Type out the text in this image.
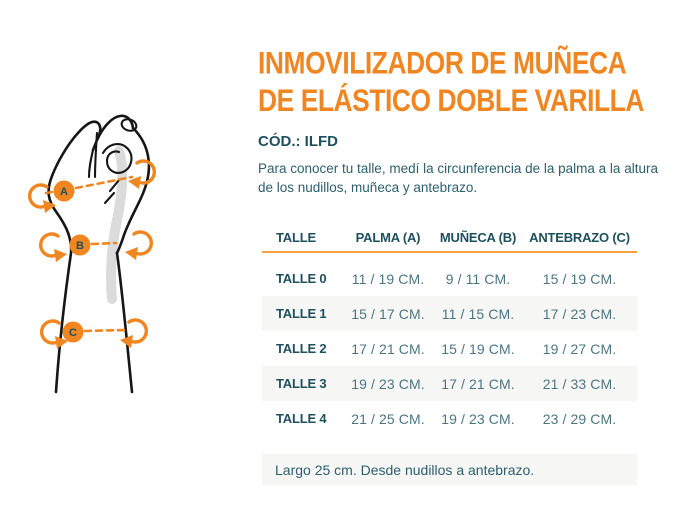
A
B
C
INMOVILIZADOR DE MUÑECA
DE ELÁSTICO DOBLE VARILLA
CÓD.: ILFD

Para conocer tu talle, medí la circunferencia de la palma a la altura de los nudillos, muñeca y antebrazo.

TALLE	PALMA (A)	MUÑECA (B)	ANTEBRAZO (C)
TALLE 0	11 / 19 CM.	9 / 11 CM.	15 / 19 CM.
TALLE 1	15 / 17 CM.	11 / 15 CM.	17 / 23 CM.
TALLE 2	17 / 21 CM.	15 / 19 CM.	19 / 27 CM.
TALLE 3	19 / 23 CM.	17 / 21 CM.	21 / 33 CM.
TALLE 4	21 / 25 CM.	19 / 23 CM.	23 / 29 CM.
Largo 25 cm. Desde nudillos a antebrazo.
